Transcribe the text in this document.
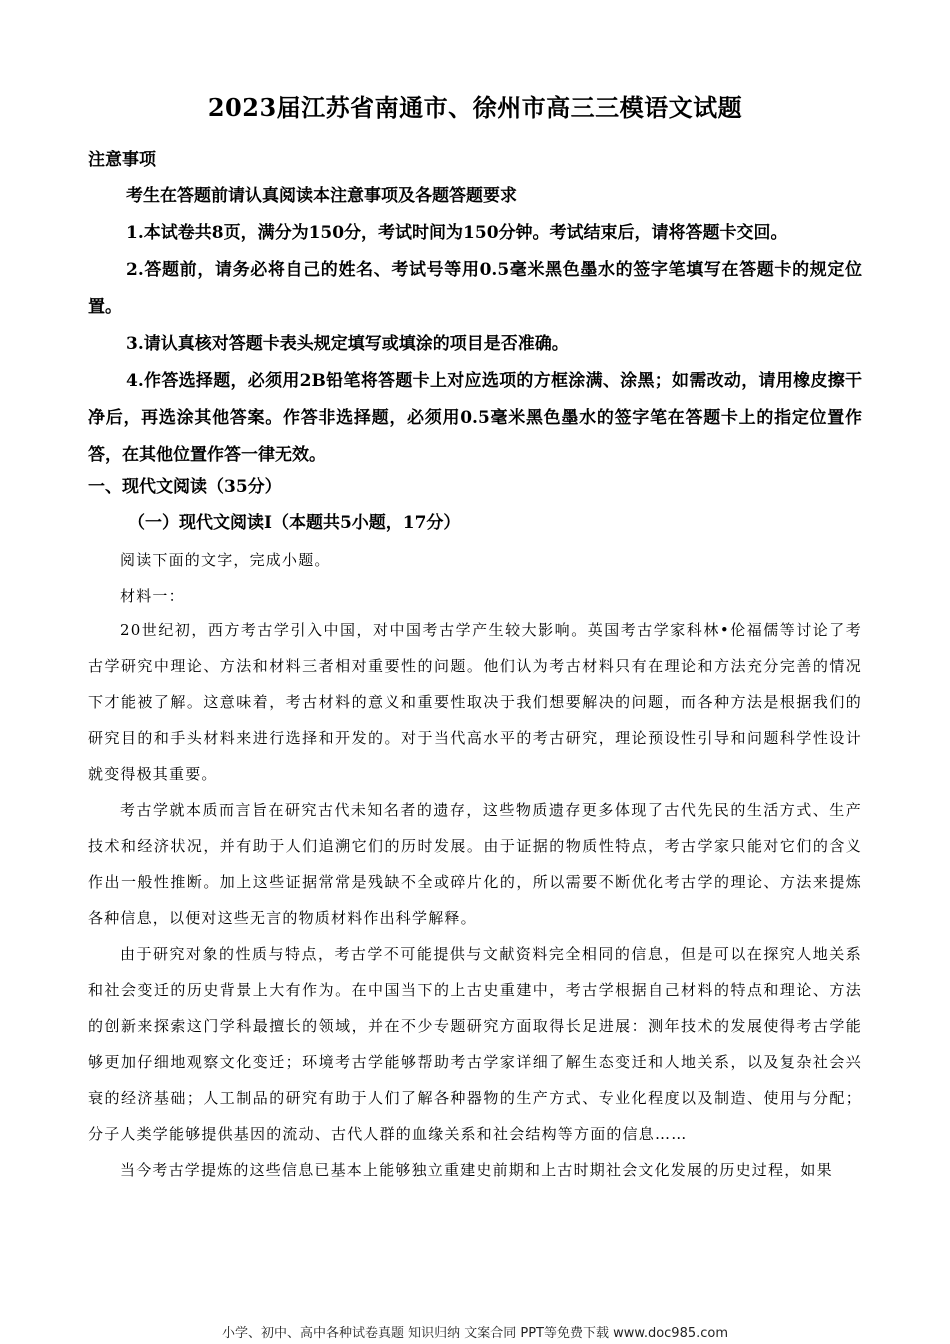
2023届江苏省南通市、徐州市高三三模语文试题

注意事项

考生在答题前请认真阅读本注意事项及各题答题要求

1.本试卷共8页，满分为150分，考试时间为150分钟。考试结束后，请将答题卡交回。

2.答题前，请务必将自己的姓名、考试号等用0.5毫米黑色墨水的签字笔填写在答题卡的规定位置。

3.请认真核对答题卡表头规定填写或填涂的项目是否准确。

4.作答选择题，必须用2B铅笔将答题卡上对应选项的方框涂满、涂黑；如需改动，请用橡皮擦干净后，再选涂其他答案。作答非选择题，必须用0.5毫米黑色墨水的签字笔在答题卡上的指定位置作答，在其他位置作答一律无效。

一、现代文阅读（35分）
（一）现代文阅读Ⅰ（本题共5小题，17分）

阅读下面的文字，完成小题。

材料一：

20世纪初，西方考古学引入中国，对中国考古学产生较大影响。英国考古学家科林•伦福儒等讨论了考古学研究中理论、方法和材料三者相对重要性的问题。他们认为考古材料只有在理论和方法充分完善的情况下才能被了解。这意味着，考古材料的意义和重要性取决于我们想要解决的问题，而各种方法是根据我们的研究目的和手头材料来进行选择和开发的。对于当代高水平的考古研究，理论预设性引导和问题科学性设计就变得极其重要。

考古学就本质而言旨在研究古代未知名者的遗存，这些物质遗存更多体现了古代先民的生活方式、生产技术和经济状况，并有助于人们追溯它们的历时发展。由于证据的物质性特点，考古学家只能对它们的含义作出一般性推断。加上这些证据常常是残缺不全或碎片化的，所以需要不断优化考古学的理论、方法来提炼各种信息，以便对这些无言的物质材料作出科学解释。

由于研究对象的性质与特点，考古学不可能提供与文献资料完全相同的信息，但是可以在探究人地关系和社会变迁的历史背景上大有作为。在中国当下的上古史重建中，考古学根据自己材料的特点和理论、方法的创新来探索这门学科最擅长的领域，并在不少专题研究方面取得长足进展：测年技术的发展使得考古学能够更加仔细地观察文化变迁；环境考古学能够帮助考古学家详细了解生态变迁和人地关系，以及复杂社会兴衰的经济基础；人工制品的研究有助于人们了解各种器物的生产方式、专业化程度以及制造、使用与分配；分子人类学能够提供基因的流动、古代人群的血缘关系和社会结构等方面的信息……

当今考古学提炼的这些信息已基本上能够独立重建史前期和上古时期社会文化发展的历史过程，如果

小学、初中、高中各种试卷真题 知识归纳 文案合同 PPT等免费下载 www.doc985.com
